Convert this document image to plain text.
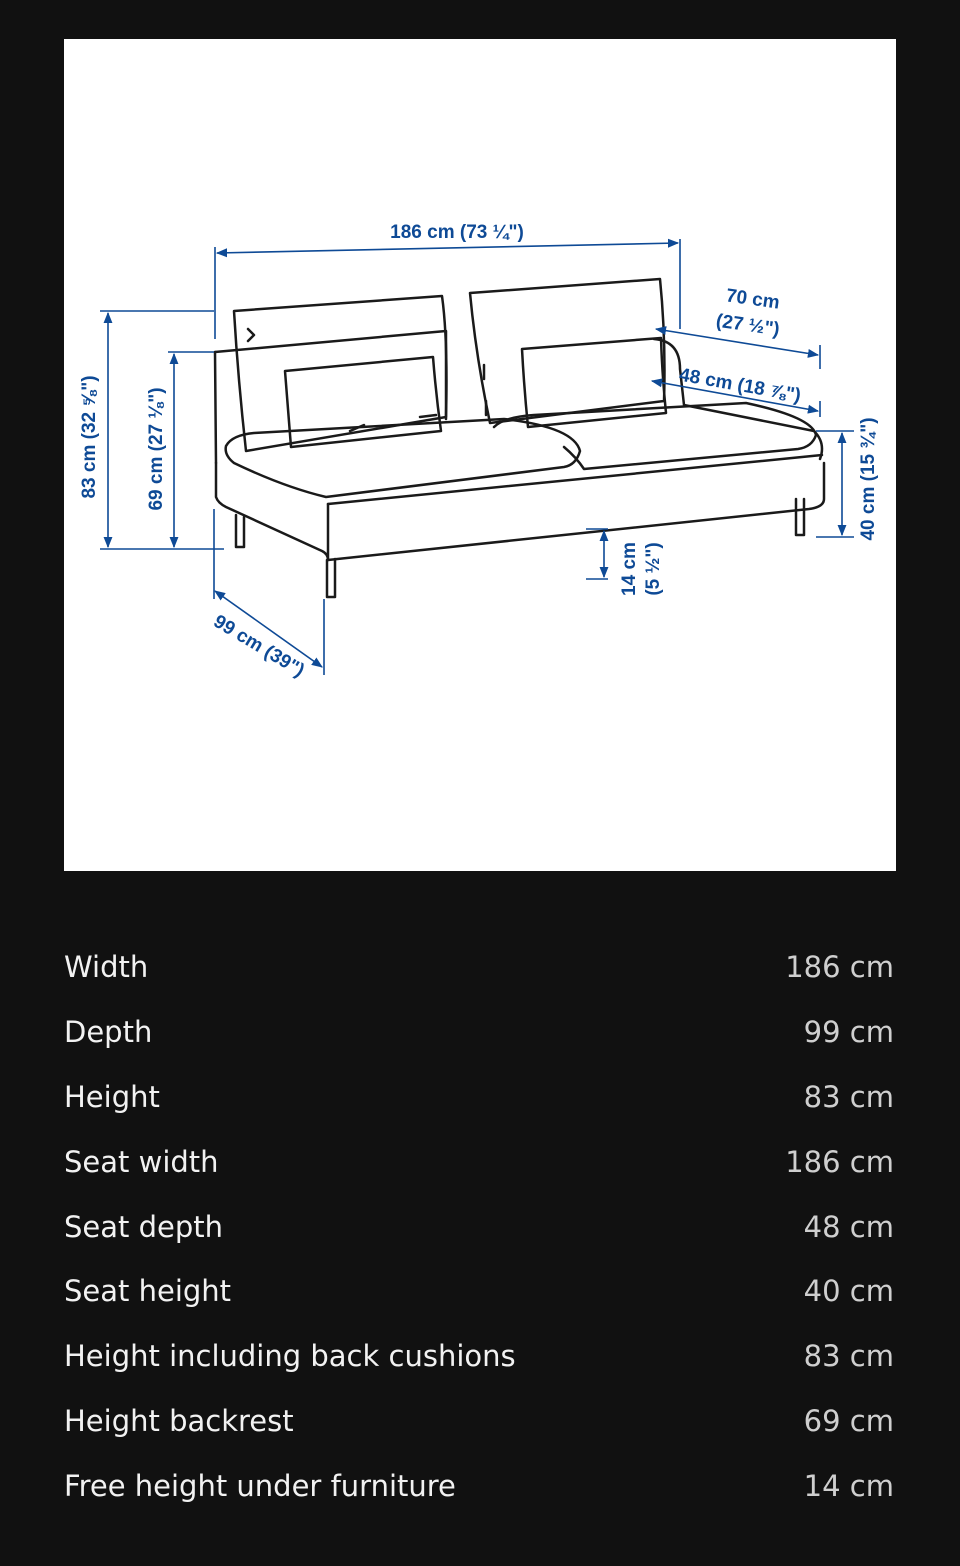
186 cm (73 ¼")
70 cm
(27 ½")
48 cm (18 ⅞")
83 cm (32 ⅝") 69 cm (27 ⅛")	40 cm (15 ¾")
14 cm (5 ½")
99 cm (39")
Width	186 cm
Depth	99 cm
Height	83 cm
Seat width	186 cm
Seat depth	48 cm
Seat height	40 cm
Height including back cushions	83 cm
Height backrest	69 cm
Free height under furniture	14 cm
